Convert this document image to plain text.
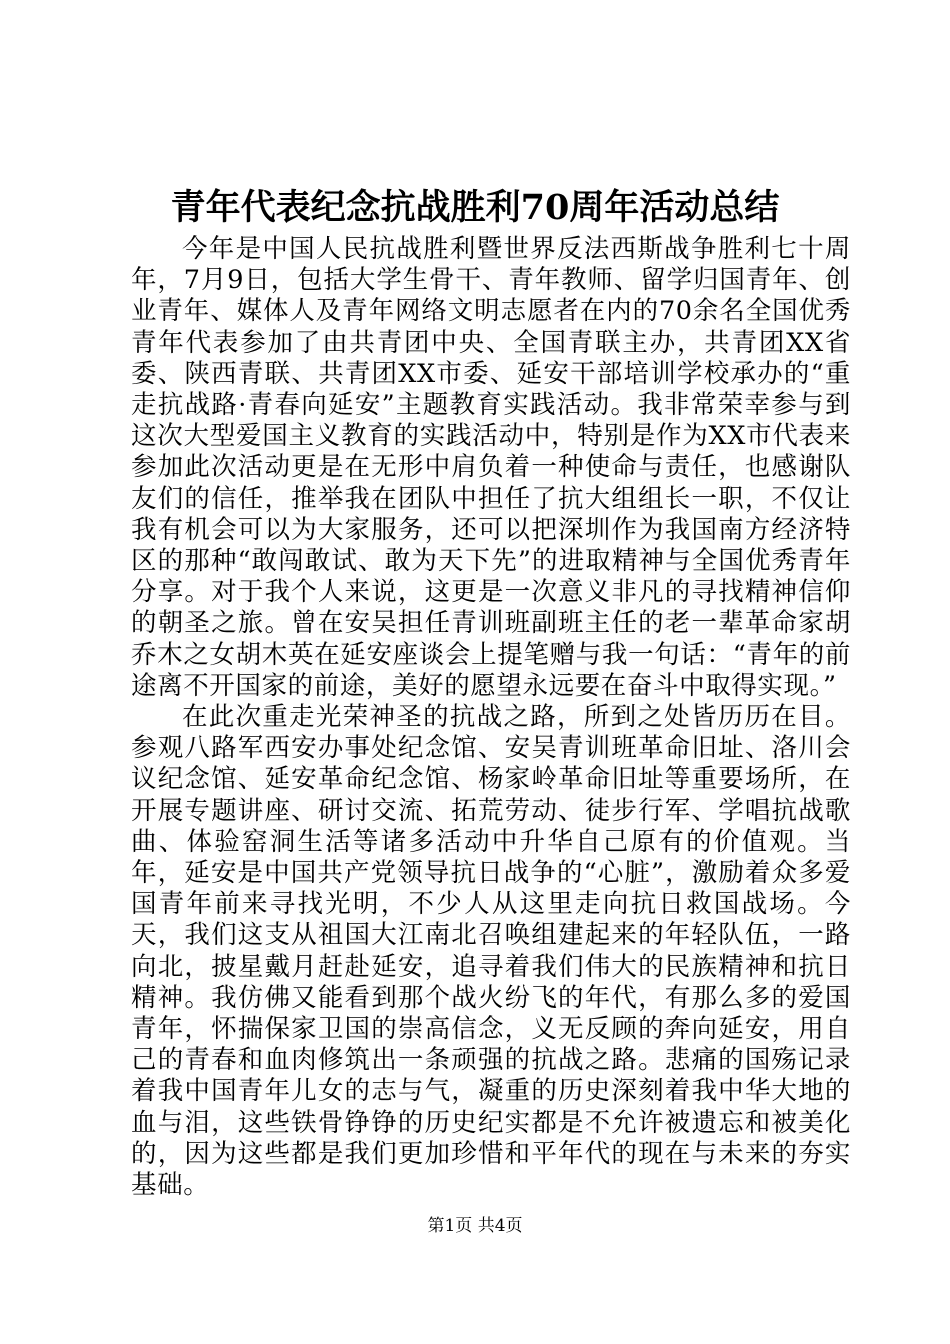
青年代表纪念抗战胜利70周年活动总结

今年是中国人民抗战胜利暨世界反法西斯战争胜利七十周年，7月9日，包括大学生骨干、青年教师、留学归国青年、创业青年、媒体人及青年网络文明志愿者在内的70余名全国优秀青年代表参加了由共青团中央、全国青联主办，共青团XX省委、陕西青联、共青团XX市委、延安干部培训学校承办的“重走抗战路·青春向延安”主题教育实践活动。我非常荣幸参与到这次大型爱国主义教育的实践活动中，特别是作为XX市代表来参加此次活动更是在无形中肩负着一种使命与责任，也感谢队友们的信任，推举我在团队中担任了抗大组组长一职，不仅让我有机会可以为大家服务，还可以把深圳作为我国南方经济特区的那种“敢闯敢试、敢为天下先”的进取精神与全国优秀青年分享。对于我个人来说，这更是一次意义非凡的寻找精神信仰的朝圣之旅。曾在安吴担任青训班副班主任的老一辈革命家胡乔木之女胡木英在延安座谈会上提笔赠与我一句话：“青年的前途离不开国家的前途，美好的愿望永远要在奋斗中取得实现。”

在此次重走光荣神圣的抗战之路，所到之处皆历历在目。参观八路军西安办事处纪念馆、安吴青训班革命旧址、洛川会议纪念馆、延安革命纪念馆、杨家岭革命旧址等重要场所，在开展专题讲座、研讨交流、拓荒劳动、徒步行军、学唱抗战歌曲、体验窑洞生活等诸多活动中升华自己原有的价值观。当年，延安是中国共产党领导抗日战争的“心脏”，激励着众多爱国青年前来寻找光明，不少人从这里走向抗日救国战场。今天，我们这支从祖国大江南北召唤组建起来的年轻队伍，一路向北，披星戴月赶赴延安，追寻着我们伟大的民族精神和抗日精神。我仿佛又能看到那个战火纷飞的年代，有那么多的爱国青年，怀揣保家卫国的崇高信念，义无反顾的奔向延安，用自己的青春和血肉修筑出一条顽强的抗战之路。悲痛的国殇记录着我中国青年儿女的志与气，凝重的历史深刻着我中华大地的血与泪，这些铁骨铮铮的历史纪实都是不允许被遗忘和被美化的，因为这些都是我们更加珍惜和平年代的现在与未来的夯实基础。

第1页 共4页
